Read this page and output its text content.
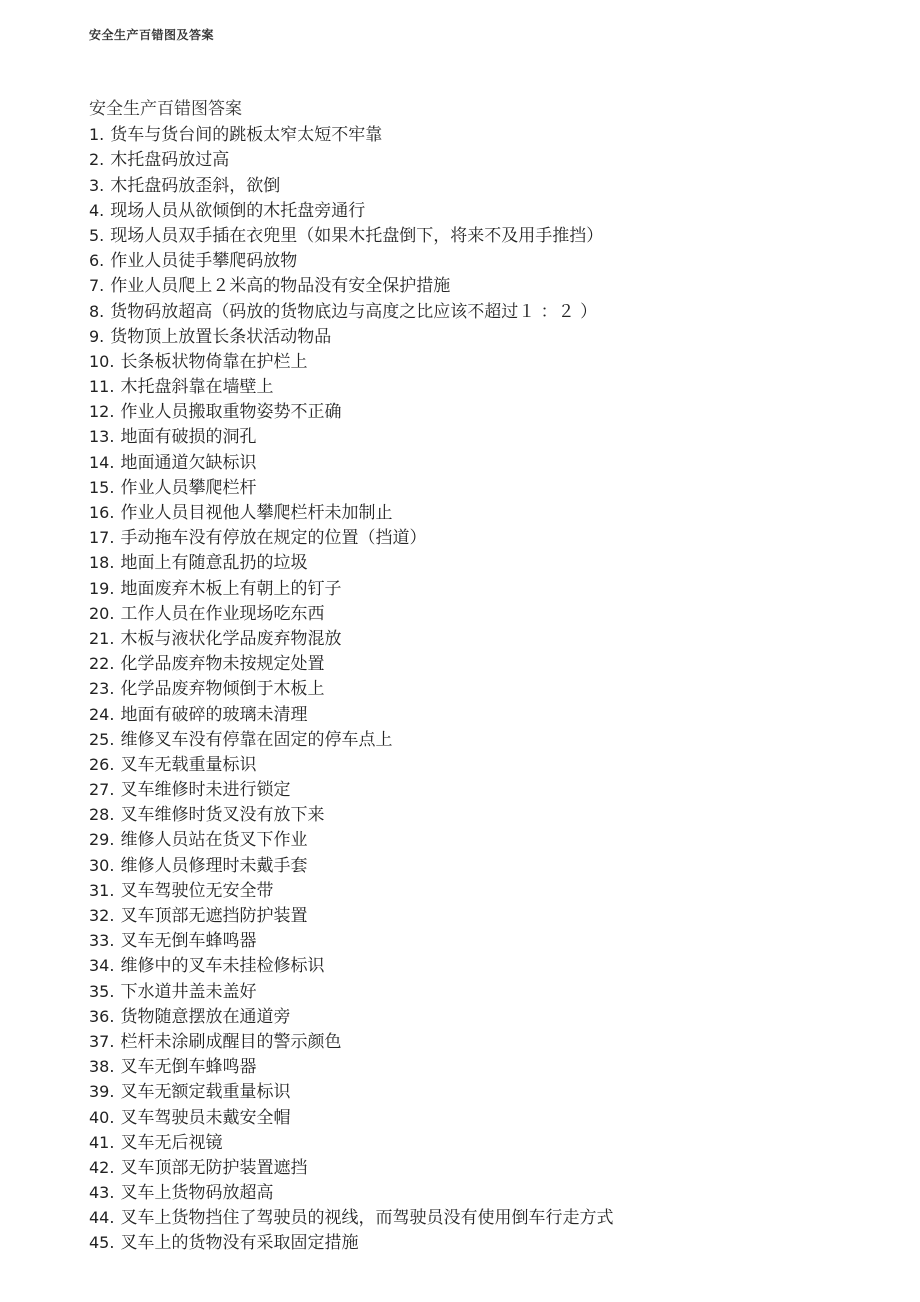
安全生产百错图及答案
安全生产百错图答案
1. 货车与货台间的跳板太窄太短不牢靠
2. 木托盘码放过高
3. 木托盘码放歪斜，欲倒
4. 现场人员从欲倾倒的木托盘旁通行
5. 现场人员双手插在衣兜里（如果木托盘倒下，将来不及用手推挡）
6. 作业人员徒手攀爬码放物
7. 作业人员爬上２米高的物品没有安全保护措施
8. 货物码放超高（码放的货物底边与高度之比应该不超过１ ：２ ）
9. 货物顶上放置长条状活动物品
10. 长条板状物倚靠在护栏上
11. 木托盘斜靠在墙壁上
12. 作业人员搬取重物姿势不正确
13. 地面有破损的洞孔
14. 地面通道欠缺标识
15. 作业人员攀爬栏杆
16. 作业人员目视他人攀爬栏杆未加制止
17. 手动拖车没有停放在规定的位置（挡道）
18. 地面上有随意乱扔的垃圾
19. 地面废弃木板上有朝上的钉子
20. 工作人员在作业现场吃东西
21. 木板与液状化学品废弃物混放
22. 化学品废弃物未按规定处置
23. 化学品废弃物倾倒于木板上
24. 地面有破碎的玻璃未清理
25. 维修叉车没有停靠在固定的停车点上
26. 叉车无载重量标识
27. 叉车维修时未进行锁定
28. 叉车维修时货叉没有放下来
29. 维修人员站在货叉下作业
30. 维修人员修理时未戴手套
31. 叉车驾驶位无安全带
32. 叉车顶部无遮挡防护装置
33. 叉车无倒车蜂鸣器
34. 维修中的叉车未挂检修标识
35. 下水道井盖未盖好
36. 货物随意摆放在通道旁
37. 栏杆未涂刷成醒目的警示颜色
38. 叉车无倒车蜂鸣器
39. 叉车无额定载重量标识
40. 叉车驾驶员未戴安全帽
41. 叉车无后视镜
42. 叉车顶部无防护装置遮挡
43. 叉车上货物码放超高
44. 叉车上货物挡住了驾驶员的视线，而驾驶员没有使用倒车行走方式
45. 叉车上的货物没有采取固定措施
